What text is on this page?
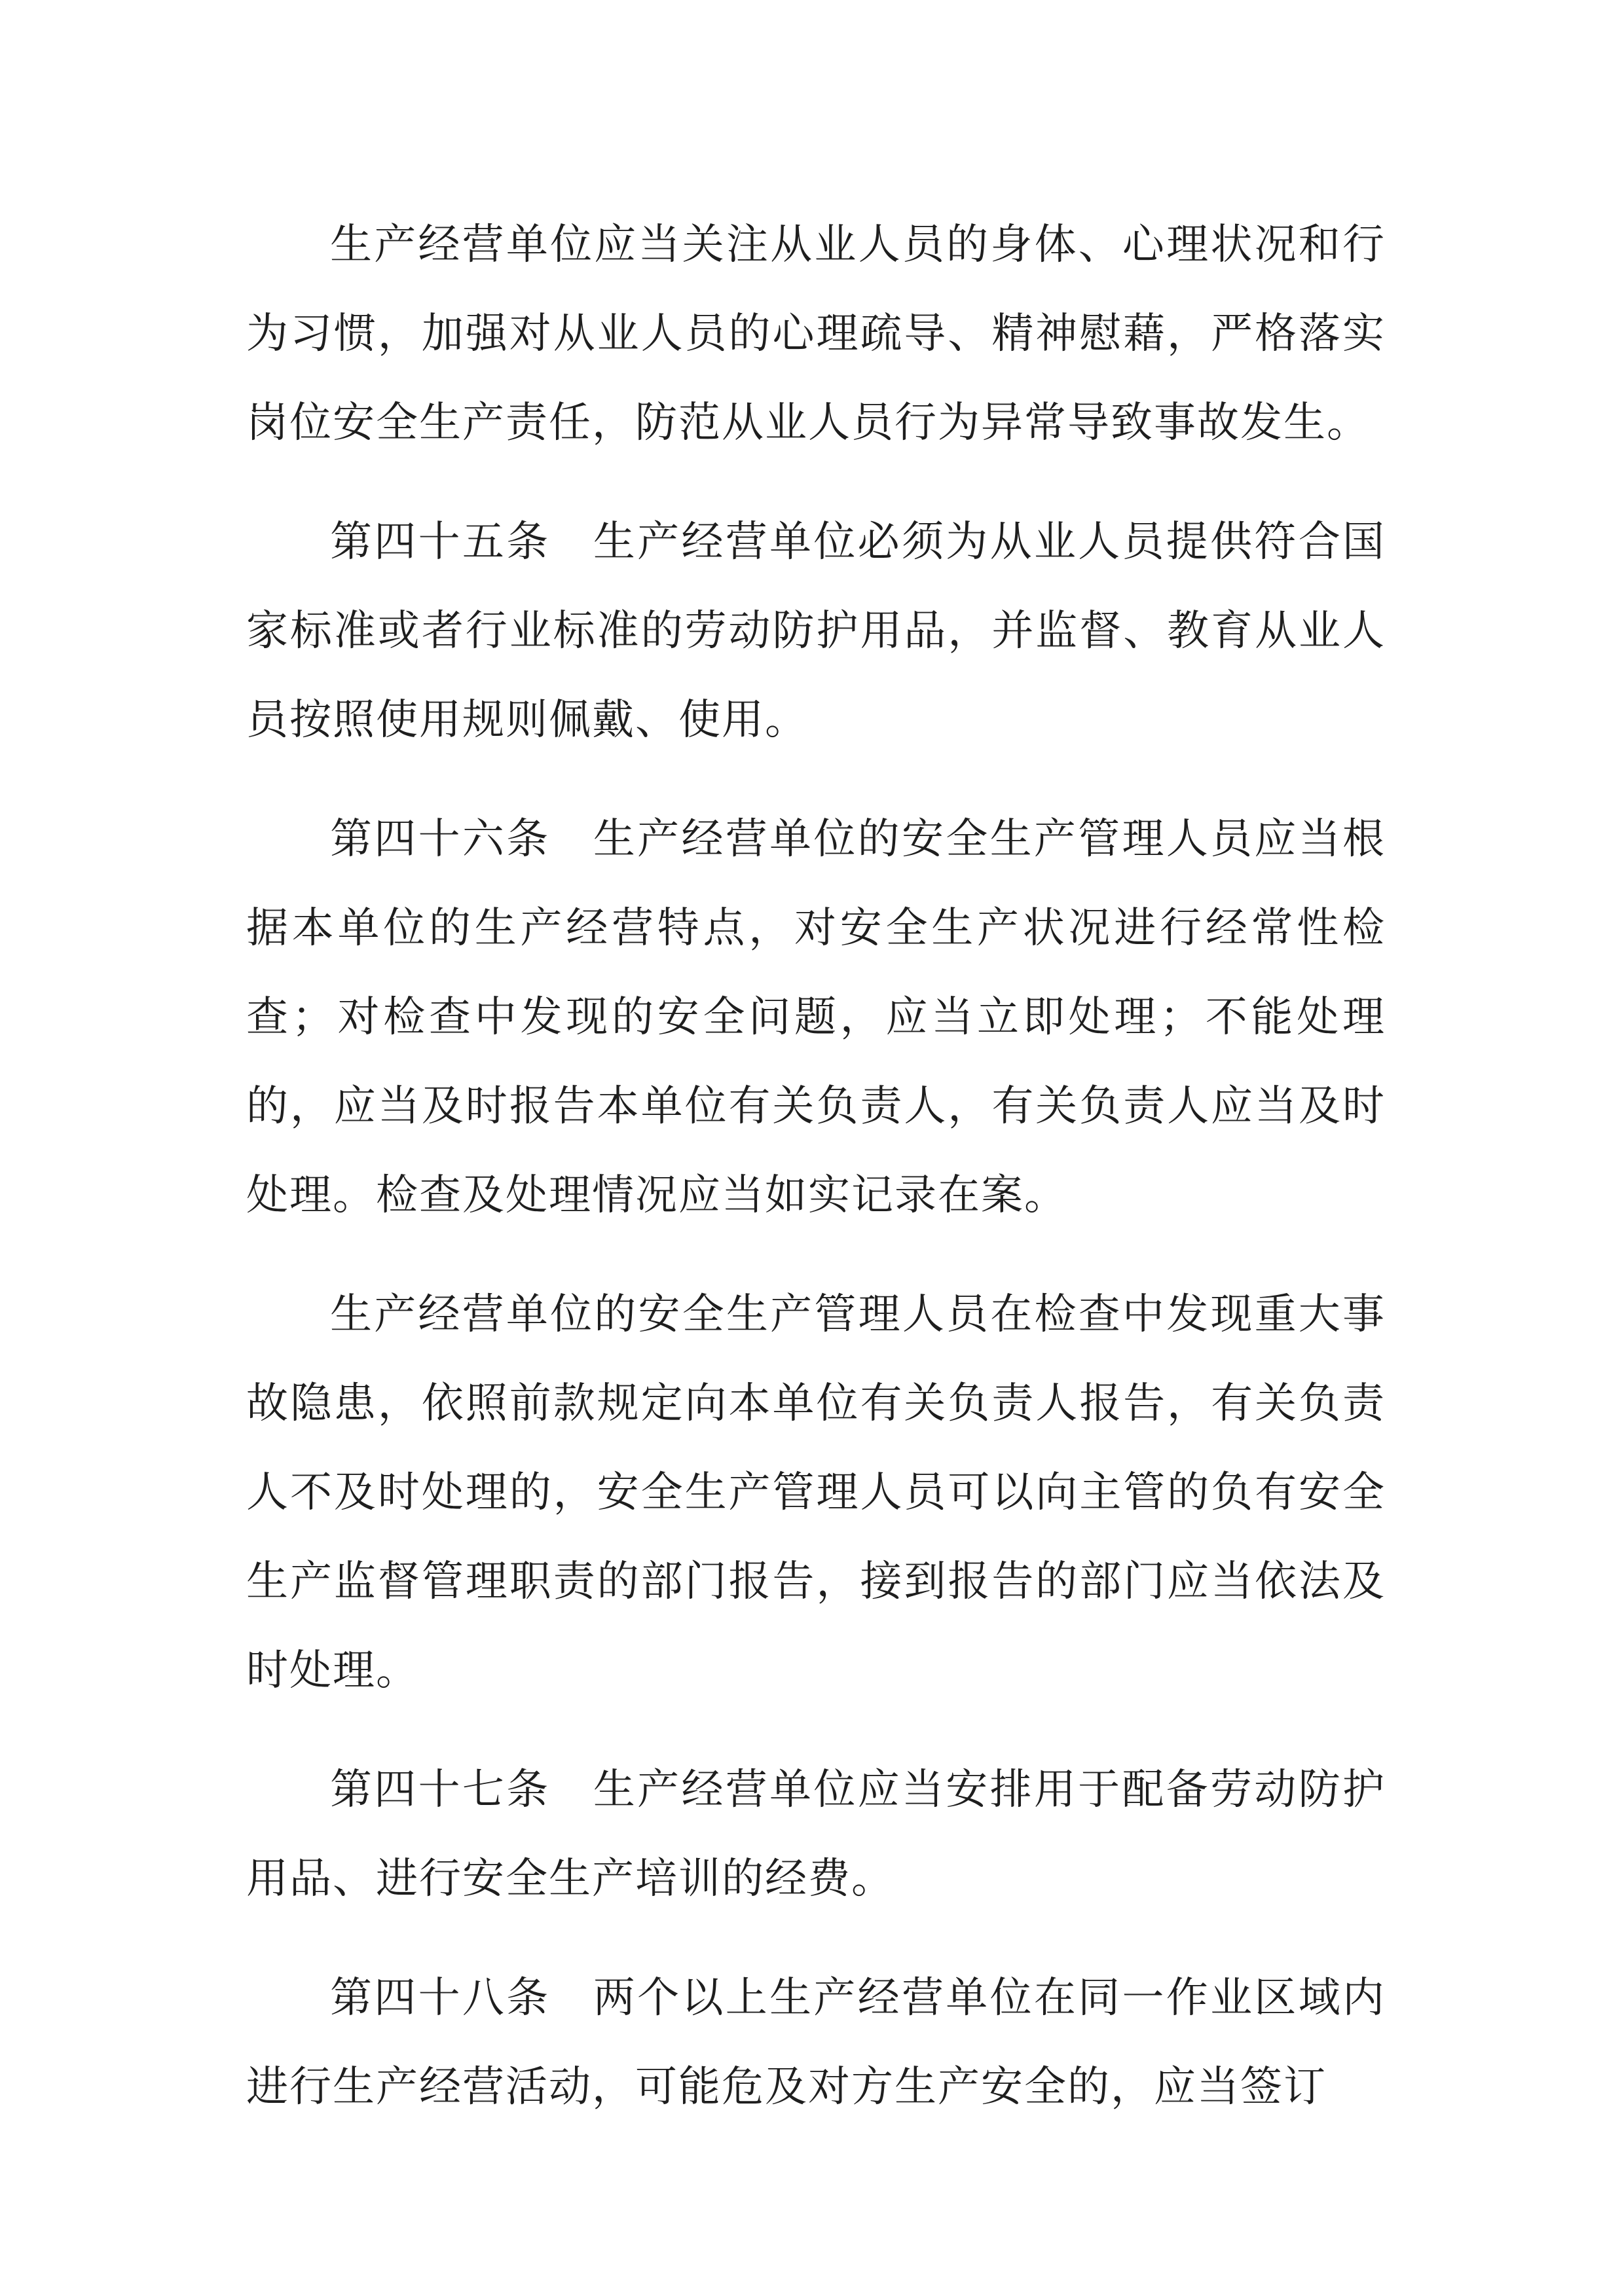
生产经营单位应当关注从业人员的身体、心理状况和行为习惯，加强对从业人员的心理疏导、精神慰藉，严格落实岗位安全生产责任，防范从业人员行为异常导致事故发生。

第四十五条 生产经营单位必须为从业人员提供符合国家标准或者行业标准的劳动防护用品，并监督、教育从业人员按照使用规则佩戴、使用。

第四十六条 生产经营单位的安全生产管理人员应当根据本单位的生产经营特点，对安全生产状况进行经常性检查；对检查中发现的安全问题，应当立即处理；不能处理的，应当及时报告本单位有关负责人，有关负责人应当及时处理。检查及处理情况应当如实记录在案。

生产经营单位的安全生产管理人员在检查中发现重大事故隐患，依照前款规定向本单位有关负责人报告，有关负责人不及时处理的，安全生产管理人员可以向主管的负有安全生产监督管理职责的部门报告，接到报告的部门应当依法及时处理。

第四十七条 生产经营单位应当安排用于配备劳动防护用品、进行安全生产培训的经费。

第四十八条 两个以上生产经营单位在同一作业区域内进行生产经营活动，可能危及对方生产安全的，应当签订
